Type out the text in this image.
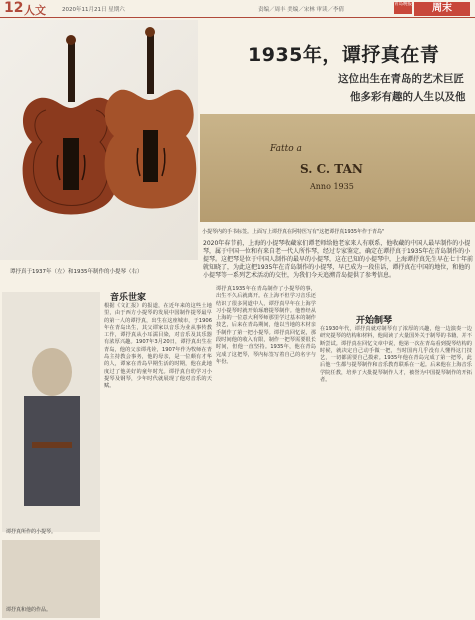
12 人文	2020年11月21日 星期六	责编／周丰 美编／宋林 审读／李倩
青岛晚报	周末
谭抒真于1937年（左）和1935年制作的小提琴（右）
1935年，谭抒真在青
这位出生在青岛的艺术巨匠
他多彩有趣的人生以及他
Fatto a
S. C. TAN
Anno 1935
小提琴内的手书标签。上面写上谭抒真在阿特医写有"这把谭抒真1935年作于青岛"
2020年春节前，上海的小提琴收藏家们谭老师给他老家来人有联系，他收藏的中国人最早制作的小提琴，属于中国一位和有来自老一代人所作琴，经过专家鉴定，确定在谭抒真于1935年在青岛制作的小提琴。这把琴是位于中国人制作的最早的小提琴，这在已知的小提琴中，上海谭抒真先生早在七十年前就知晓了，为此这把1935年在青岛制作的小提琴，早已成为一段佳话，谭抒真在中国的地位，和他的小提琴等一系列艺术活动的交往，为我们今天追溯青岛提供了参考信息。
音乐世家
根据《文汇报》的报道，在近年来的这些土地里，由于西方小提琴的发展中国制作提琴最早的第一人的谭抒真，出生在这座城市，于1906年在青岛出生，其父谭家以音乐为业从事传教工作，谭抒真从小耳濡目染，对音乐及其乐器有浓厚兴趣。1907年3月20日，谭抒真出生在青岛，他的父亲谭兆铨，1907年作为牧师在青岛主持教会事务，他的母亲，是一位颇有才华的人，谭家在青岛早期生活的时期，他在此地度过了他美好的童年时光。谭抒真自幼学习小提琴及钢琴，少年时代就展现了他对音乐的天赋。
谭抒真所作的小提琴。
谭抒真1935年在青岛制作了小提琴的事，出生不久后就离开。在上海不但学习音乐还结识了很多同道中人，谭抒真早年在上海学习小提琴时就开始琢磨提琴制作。他曾经从上海的一位意大利琴师那里学过基本的制作技艺，后来在青岛期间，他以当地的木材亲手制作了第一把小提琴。谭抒真回忆说，那段时间他的收入有限，制作一把琴需要很长时间，但他一直坚持。1935年，他在青岛完成了这把琴，琴内标签写着自己的名字与年份。
开始制琴
在1930年代，谭抒真就对制琴有了浓厚的兴趣，他一边演奏一边研究提琴的结构和材料，他阅读了大量国外关于制琴的书籍，并不断尝试。谭抒真在回忆文章中说，他第一次在青岛看到提琴结构的时候，就决定自己动手做一把，当时国内几乎没有人懂得这门技艺，一切都需要自己摸索。1935年他在青岛完成了第一把琴，此后他一生都与提琴制作和音乐教育联系在一起。后来他在上海音乐学院任教，培养了大批提琴制作人才，被誉为中国提琴制作的开拓者。
谭抒真和他的作品。
